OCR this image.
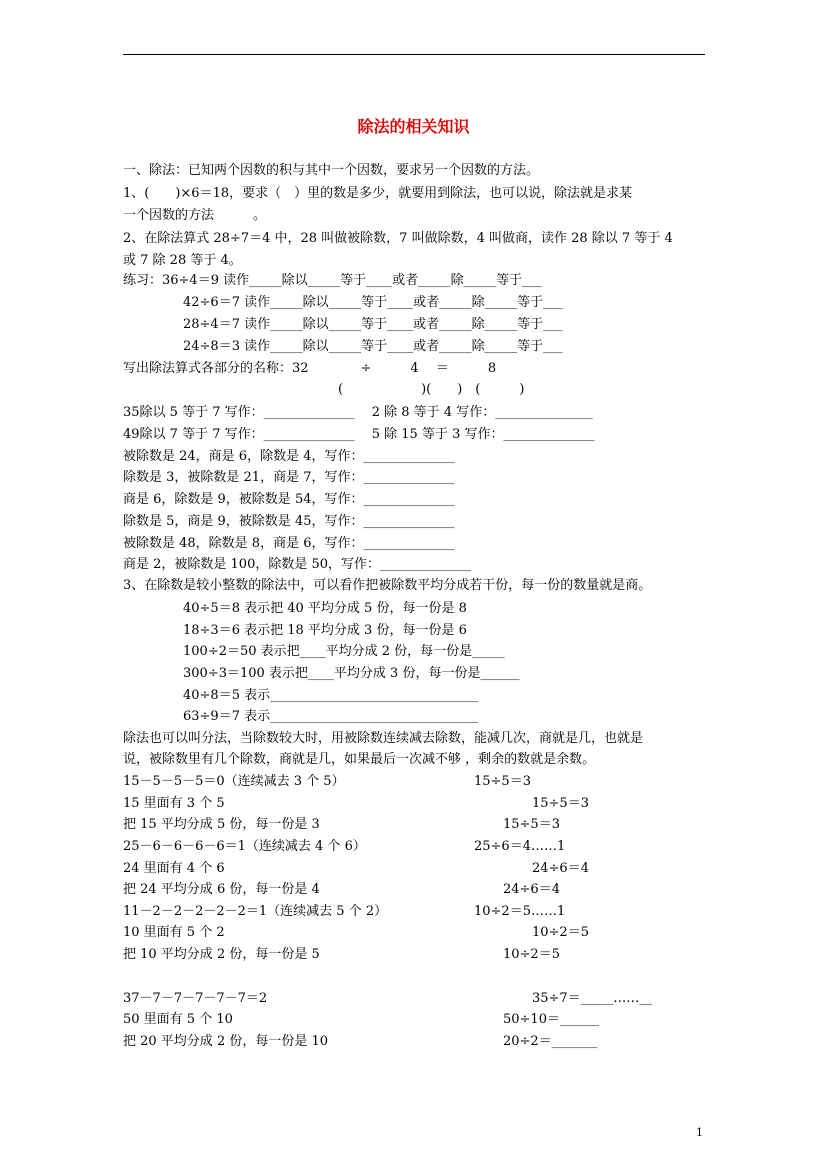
除法的相关知识
一、除法：已知两个因数的积与其中一个因数，要求另一个因数的方法。
1、(　　)×6＝18，要求（　）里的数是多少，就要用到除法，也可以说，除法就是求某
一个因数的方法　　　。
2、在除法算式 28÷7＝4 中，28 叫做被除数，7 叫做除数，4 叫做商，读作 28 除以 7 等于 4
或 7 除 28 等于 4。
练习：36÷4＝9 读作_____除以_____等于____或者_____除_____等于___
42÷6＝7 读作_____除以_____等于____或者_____除_____等于___
28÷4＝7 读作_____除以_____等于____或者_____除_____等于___
24÷8＝3 读作_____除以_____等于____或者_____除_____等于___
写出除法算式各部分的名称：32　　　　÷　　　4　 ＝　　　8
(　　　　　　)(　　)　(　　　)
35除以 5 等于 7 写作：______________　 2 除 8 等于 4 写作：_______________
49除以 7 等于 7 写作：______________　 5 除 15 等于 3 写作：______________
被除数是 24，商是 6，除数是 4，写作：______________
除数是 3，被除数是 21，商是 7，写作：______________
商是 6，除数是 9，被除数是 54，写作：______________
除数是 5，商是 9，被除数是 45，写作：______________
被除数是 48，除数是 8，商是 6，写作：______________
商是 2，被除数是 100，除数是 50，写作：______________
3、在除数是较小整数的除法中，可以看作把被除数平均分成若干份，每一份的数量就是商。
40÷5＝8 表示把 40 平均分成 5 份，每一份是 8
18÷3＝6 表示把 18 平均分成 3 份，每一份是 6
100÷2＝50 表示把____平均分成 2 份，每一份是_____
300÷3＝100 表示把____平均分成 3 份，每一份是______
40÷8＝5 表示________________________________
63÷9＝7 表示________________________________
除法也可以叫分法，当除数较大时，用被除数连续减去除数，能减几次，商就是几，也就是
说，被除数里有几个除数，商就是几，如果最后一次减不够 ，剩余的数就是余数。
15－5－5－5＝0（连续减去 3 个 5）	15÷5＝3
15 里面有 3 个 5	15÷5＝3
把 15 平均分成 5 份，每一份是 3	15÷5＝3
25－6－6－6－6＝1（连续减去 4 个 6）	25÷6＝4……1
24 里面有 4 个 6	24÷6＝4
把 24 平均分成 6 份，每一份是 4	24÷6＝4
11－2－2－2－2－2＝1（连续减去 5 个 2）	10÷2＝5……1
10 里面有 5 个 2	10÷2＝5
把 10 平均分成 2 份，每一份是 5	10÷2＝5
37－7－7－7－7－7＝2	35÷7＝_____……__
50 里面有 5 个 10	50÷10＝______
把 20 平均分成 2 份，每一份是 10	20÷2＝_______
1
